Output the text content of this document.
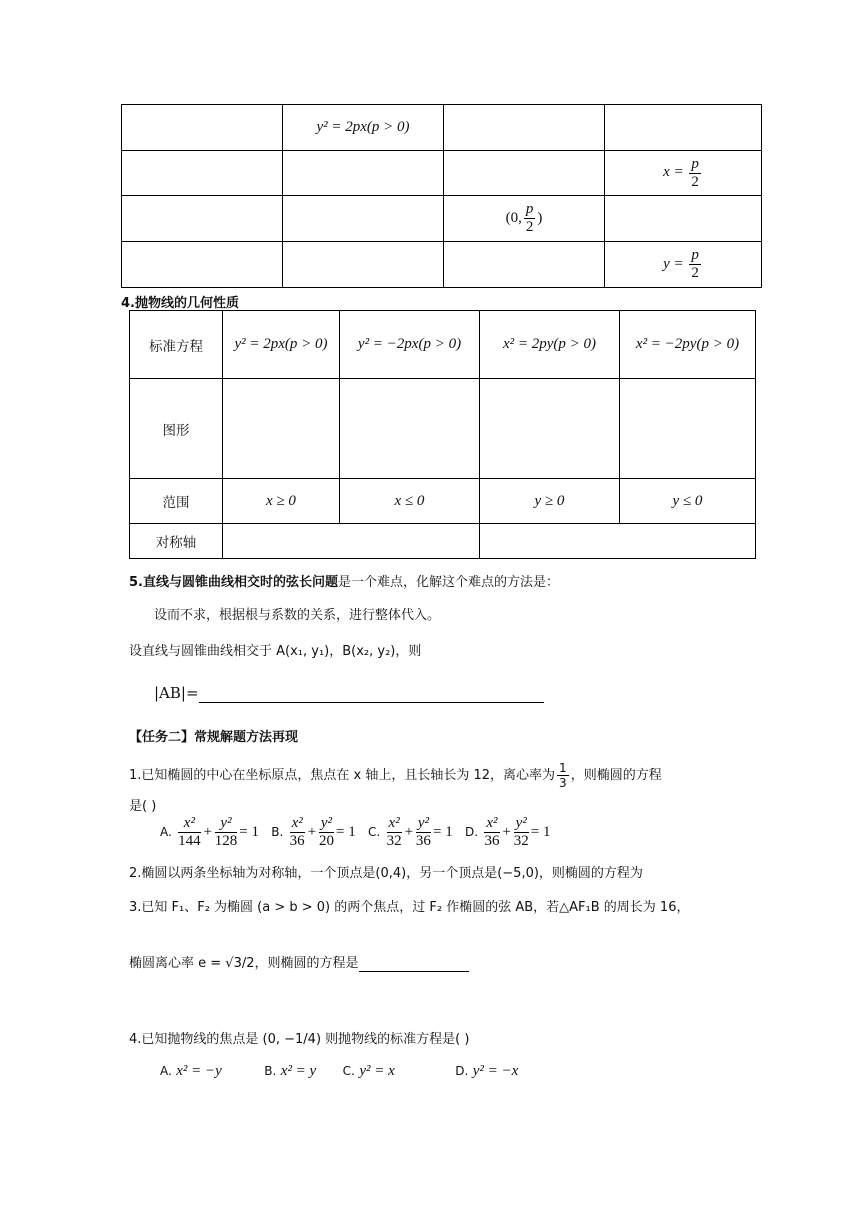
	y² = 2px(p > 0)		
			$x = \frac{p}{2}$

		(0, $\frac{p}{2}$ )	
			$y = \frac{p}{2}$
4.抛物线的几何性质
标准方程	y² = 2px(p > 0)	y² = −2px(p > 0)	x² = 2py(p > 0)	x² = −2py(p > 0)
图形				
范围	x ≥ 0	x ≤ 0	y ≥ 0	y ≤ 0
对称轴				
5.直线与圆锥曲线相交时的弦长问题是一个难点，化解这个难点的方法是：
设而不求，根据根与系数的关系，进行整体代入。
设直线与圆锥曲线相交于 A(x₁, y₁)，B(x₂, y₂)，则
|AB|=
【任务二】常规解题方法再现
1.已知椭圆的中心在坐标原点，焦点在 x 轴上，且长轴长为 12，离心率为 $\frac{1}{3}$ ，则椭圆的方程
是( )
A. $\frac{\text{x²}}{144} + \frac{\text{y²}}{128} = 1$ B. $\frac{\text{x²}}{36} + \frac{\text{y²}}{20} = 1$ C. $\frac{\text{x²}}{32} + \frac{\text{y²}}{36} = 1$ D. $\frac{\text{x²}}{36} + \frac{\text{y²}}{32} = 1$
2.椭圆以两条坐标轴为对称轴，一个顶点是(0,4)，另一个顶点是(−5,0)，则椭圆的方程为
3.已知 F₁、F₂ 为椭圆 (a > b > 0) 的两个焦点，过 F₂ 作椭圆的弦 AB，若△AF₁B 的周长为 16，
椭圆离心率 e = √3/2，则椭圆的方程是
4.已知抛物线的焦点是 (0, −1/4) 则抛物线的标准方程是( )
A. x² = −y	B. x² = y C. y² = x	D. y² = −x
